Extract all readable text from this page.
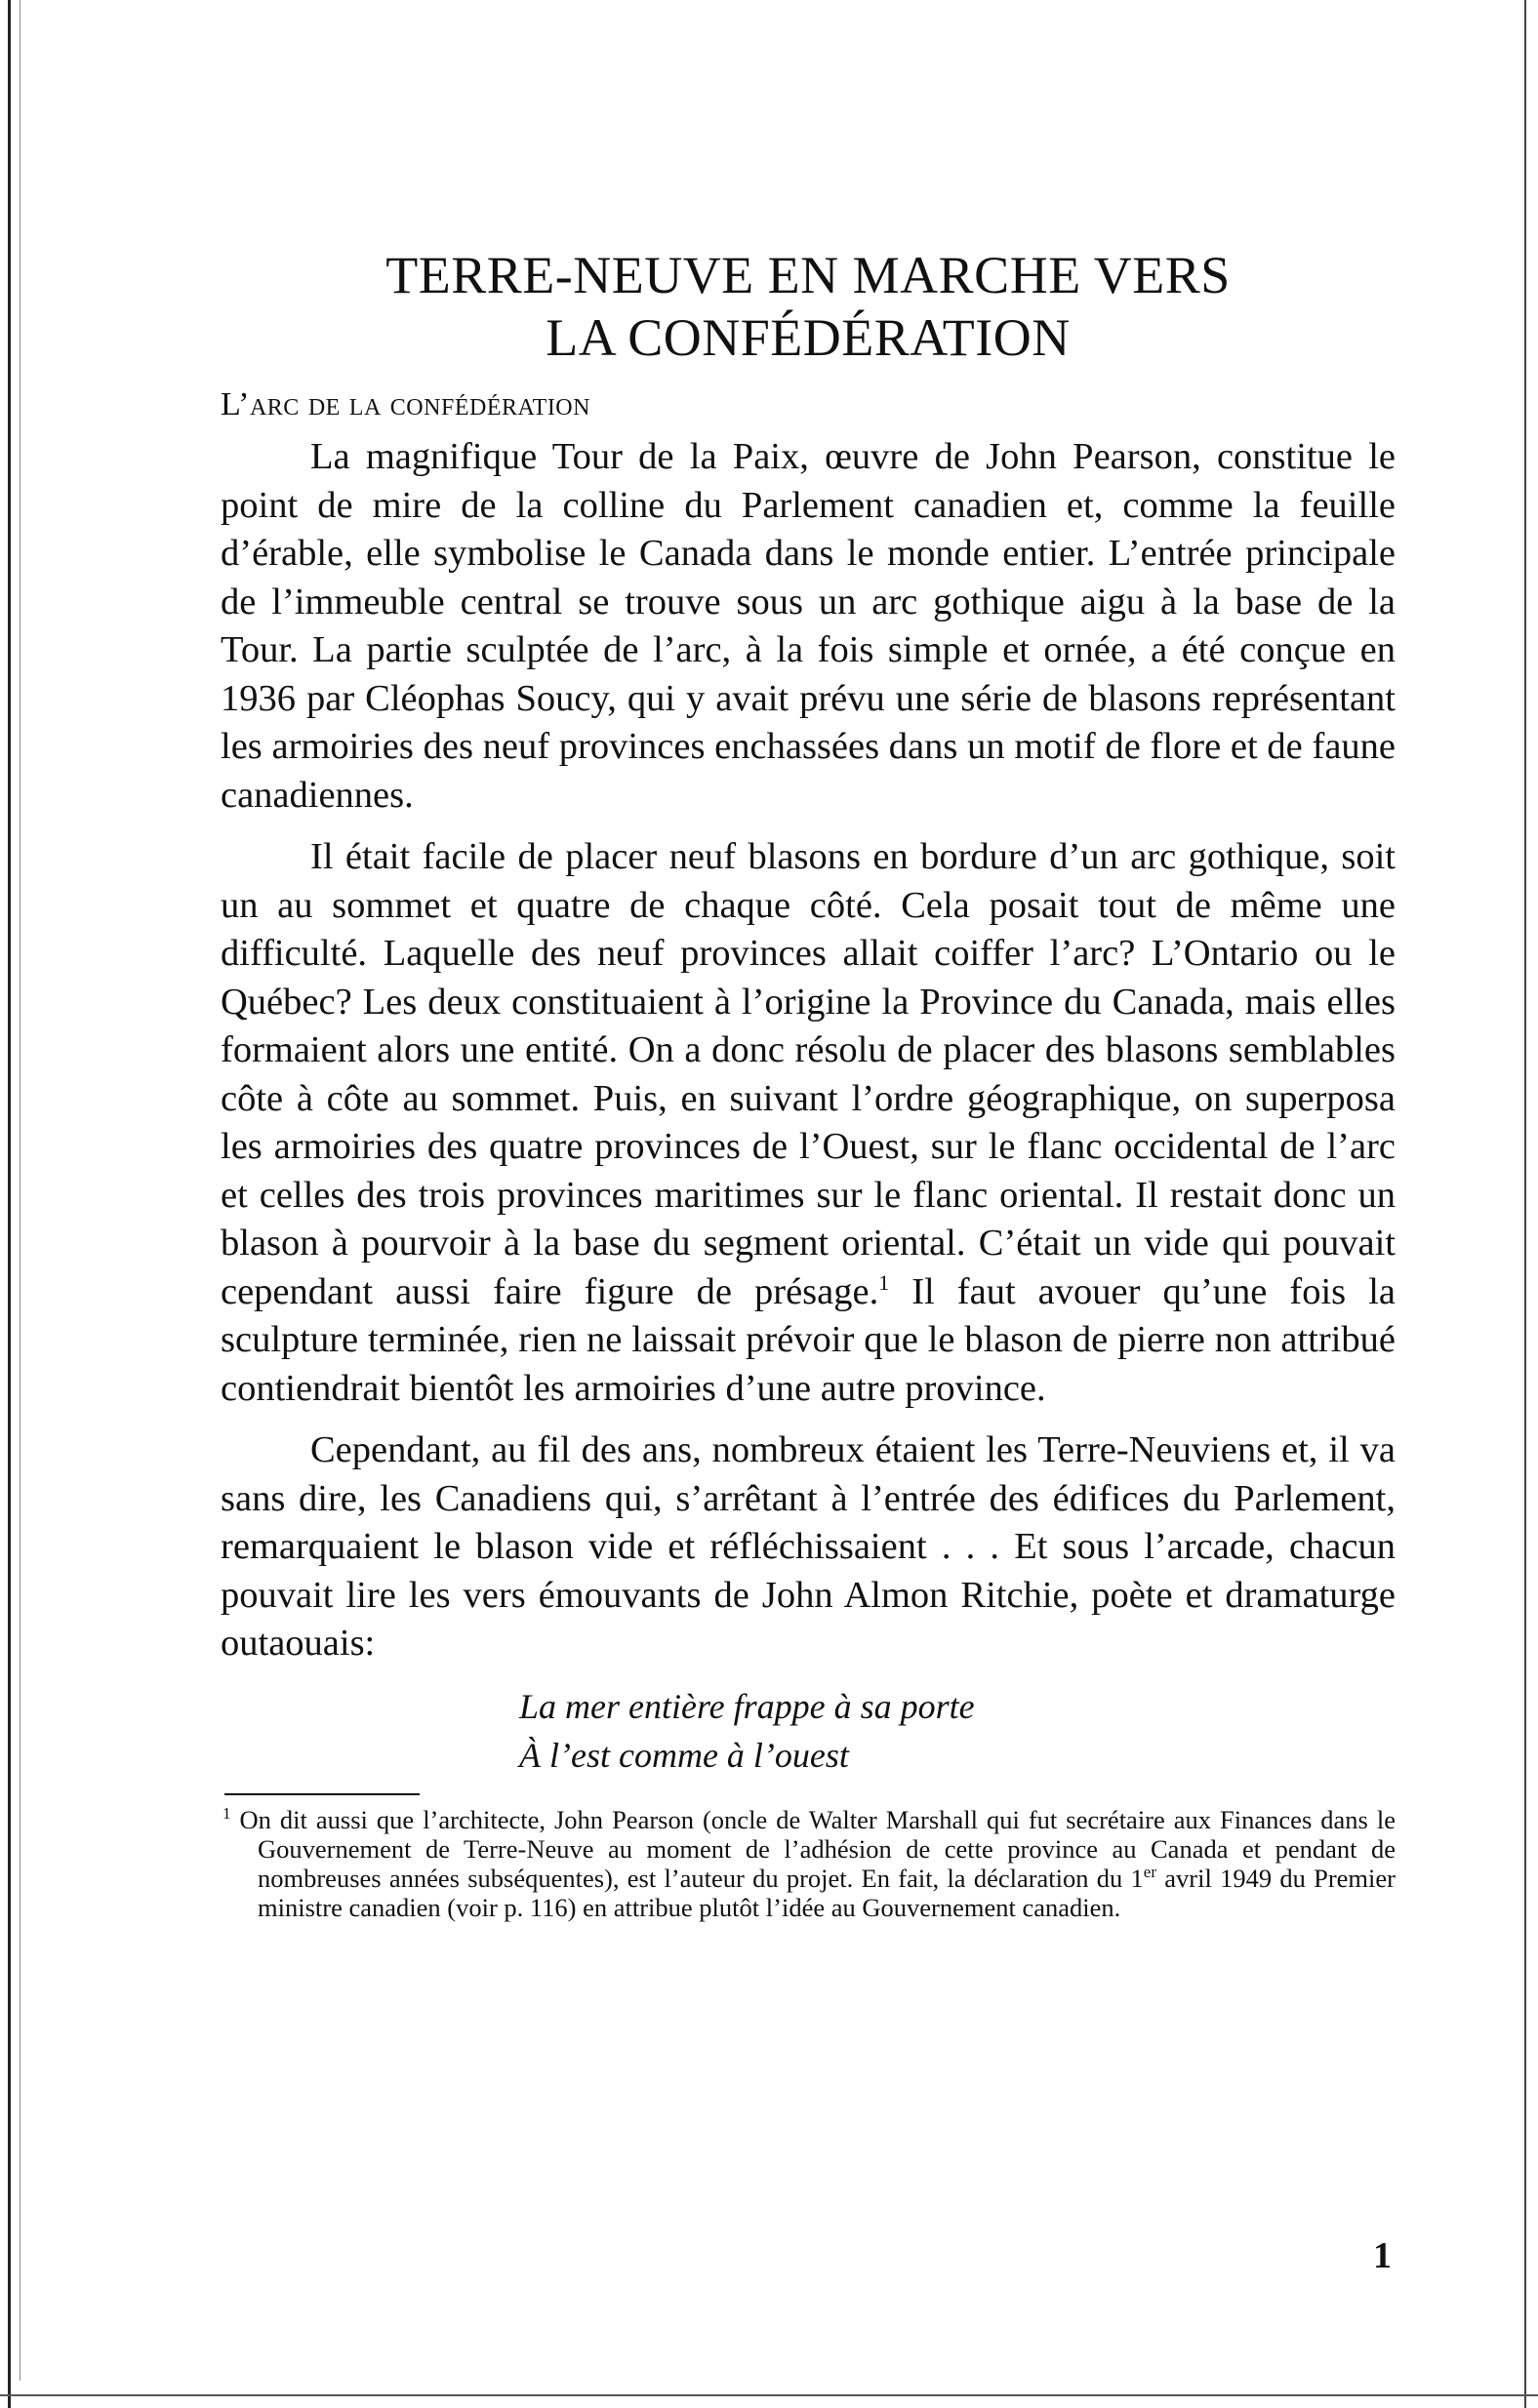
TERRE-NEUVE EN MARCHE VERS
LA CONFÉDÉRATION
L’arc de la confédération

La magnifique Tour de la Paix, œuvre de John Pearson, constitue le point de mire de la colline du Parlement canadien et, comme la feuille d’érable, elle symbolise le Canada dans le monde entier. L’entrée principale de l’immeuble central se trouve sous un arc gothique aigu à la base de la Tour. La partie sculptée de l’arc, à la fois simple et ornée, a été conçue en 1936 par Cléophas Soucy, qui y avait prévu une série de blasons représentant les armoiries des neuf provinces enchassées dans un motif de flore et de faune canadiennes.

Il était facile de placer neuf blasons en bordure d’un arc gothique, soit un au sommet et quatre de chaque côté. Cela posait tout de même une difficulté. Laquelle des neuf provinces allait coiffer l’arc? L’Ontario ou le Québec? Les deux constituaient à l’origine la Province du Canada, mais elles formaient alors une entité. On a donc résolu de placer des blasons semblables côte à côte au sommet. Puis, en suivant l’ordre géographique, on superposa les armoiries des quatre provinces de l’Ouest, sur le flanc occidental de l’arc et celles des trois provinces maritimes sur le flanc oriental. Il restait donc un blason à pourvoir à la base du segment oriental. C’était un vide qui pouvait cependant aussi faire figure de présage.$^1$ Il faut avouer qu’une fois la sculpture terminée, rien ne laissait prévoir que le blason de pierre non attribué contiendrait bientôt les armoiries d’une autre province.

Cependant, au fil des ans, nombreux étaient les Terre-Neuviens et, il va sans dire, les Canadiens qui, s’arrêtant à l’entrée des édifices du Parlement, remarquaient le blason vide et réfléchissaient . . . Et sous l’arcade, chacun pouvait lire les vers émouvants de John Almon Ritchie, poète et dramaturge outaouais:

La mer entière frappe à sa porte
À l’est comme à l’ouest

$^1$ On dit aussi que l’architecte, John Pearson (oncle de Walter Marshall qui fut secrétaire aux Finances dans le Gouvernement de Terre-Neuve au moment de l’adhésion de cette province au Canada et pendant de nombreuses années subséquentes), est l’auteur du projet. En fait, la déclaration du 1er avril 1949 du Premier ministre canadien (voir p. 116) en attribue plutôt l’idée au Gouvernement canadien.

1
